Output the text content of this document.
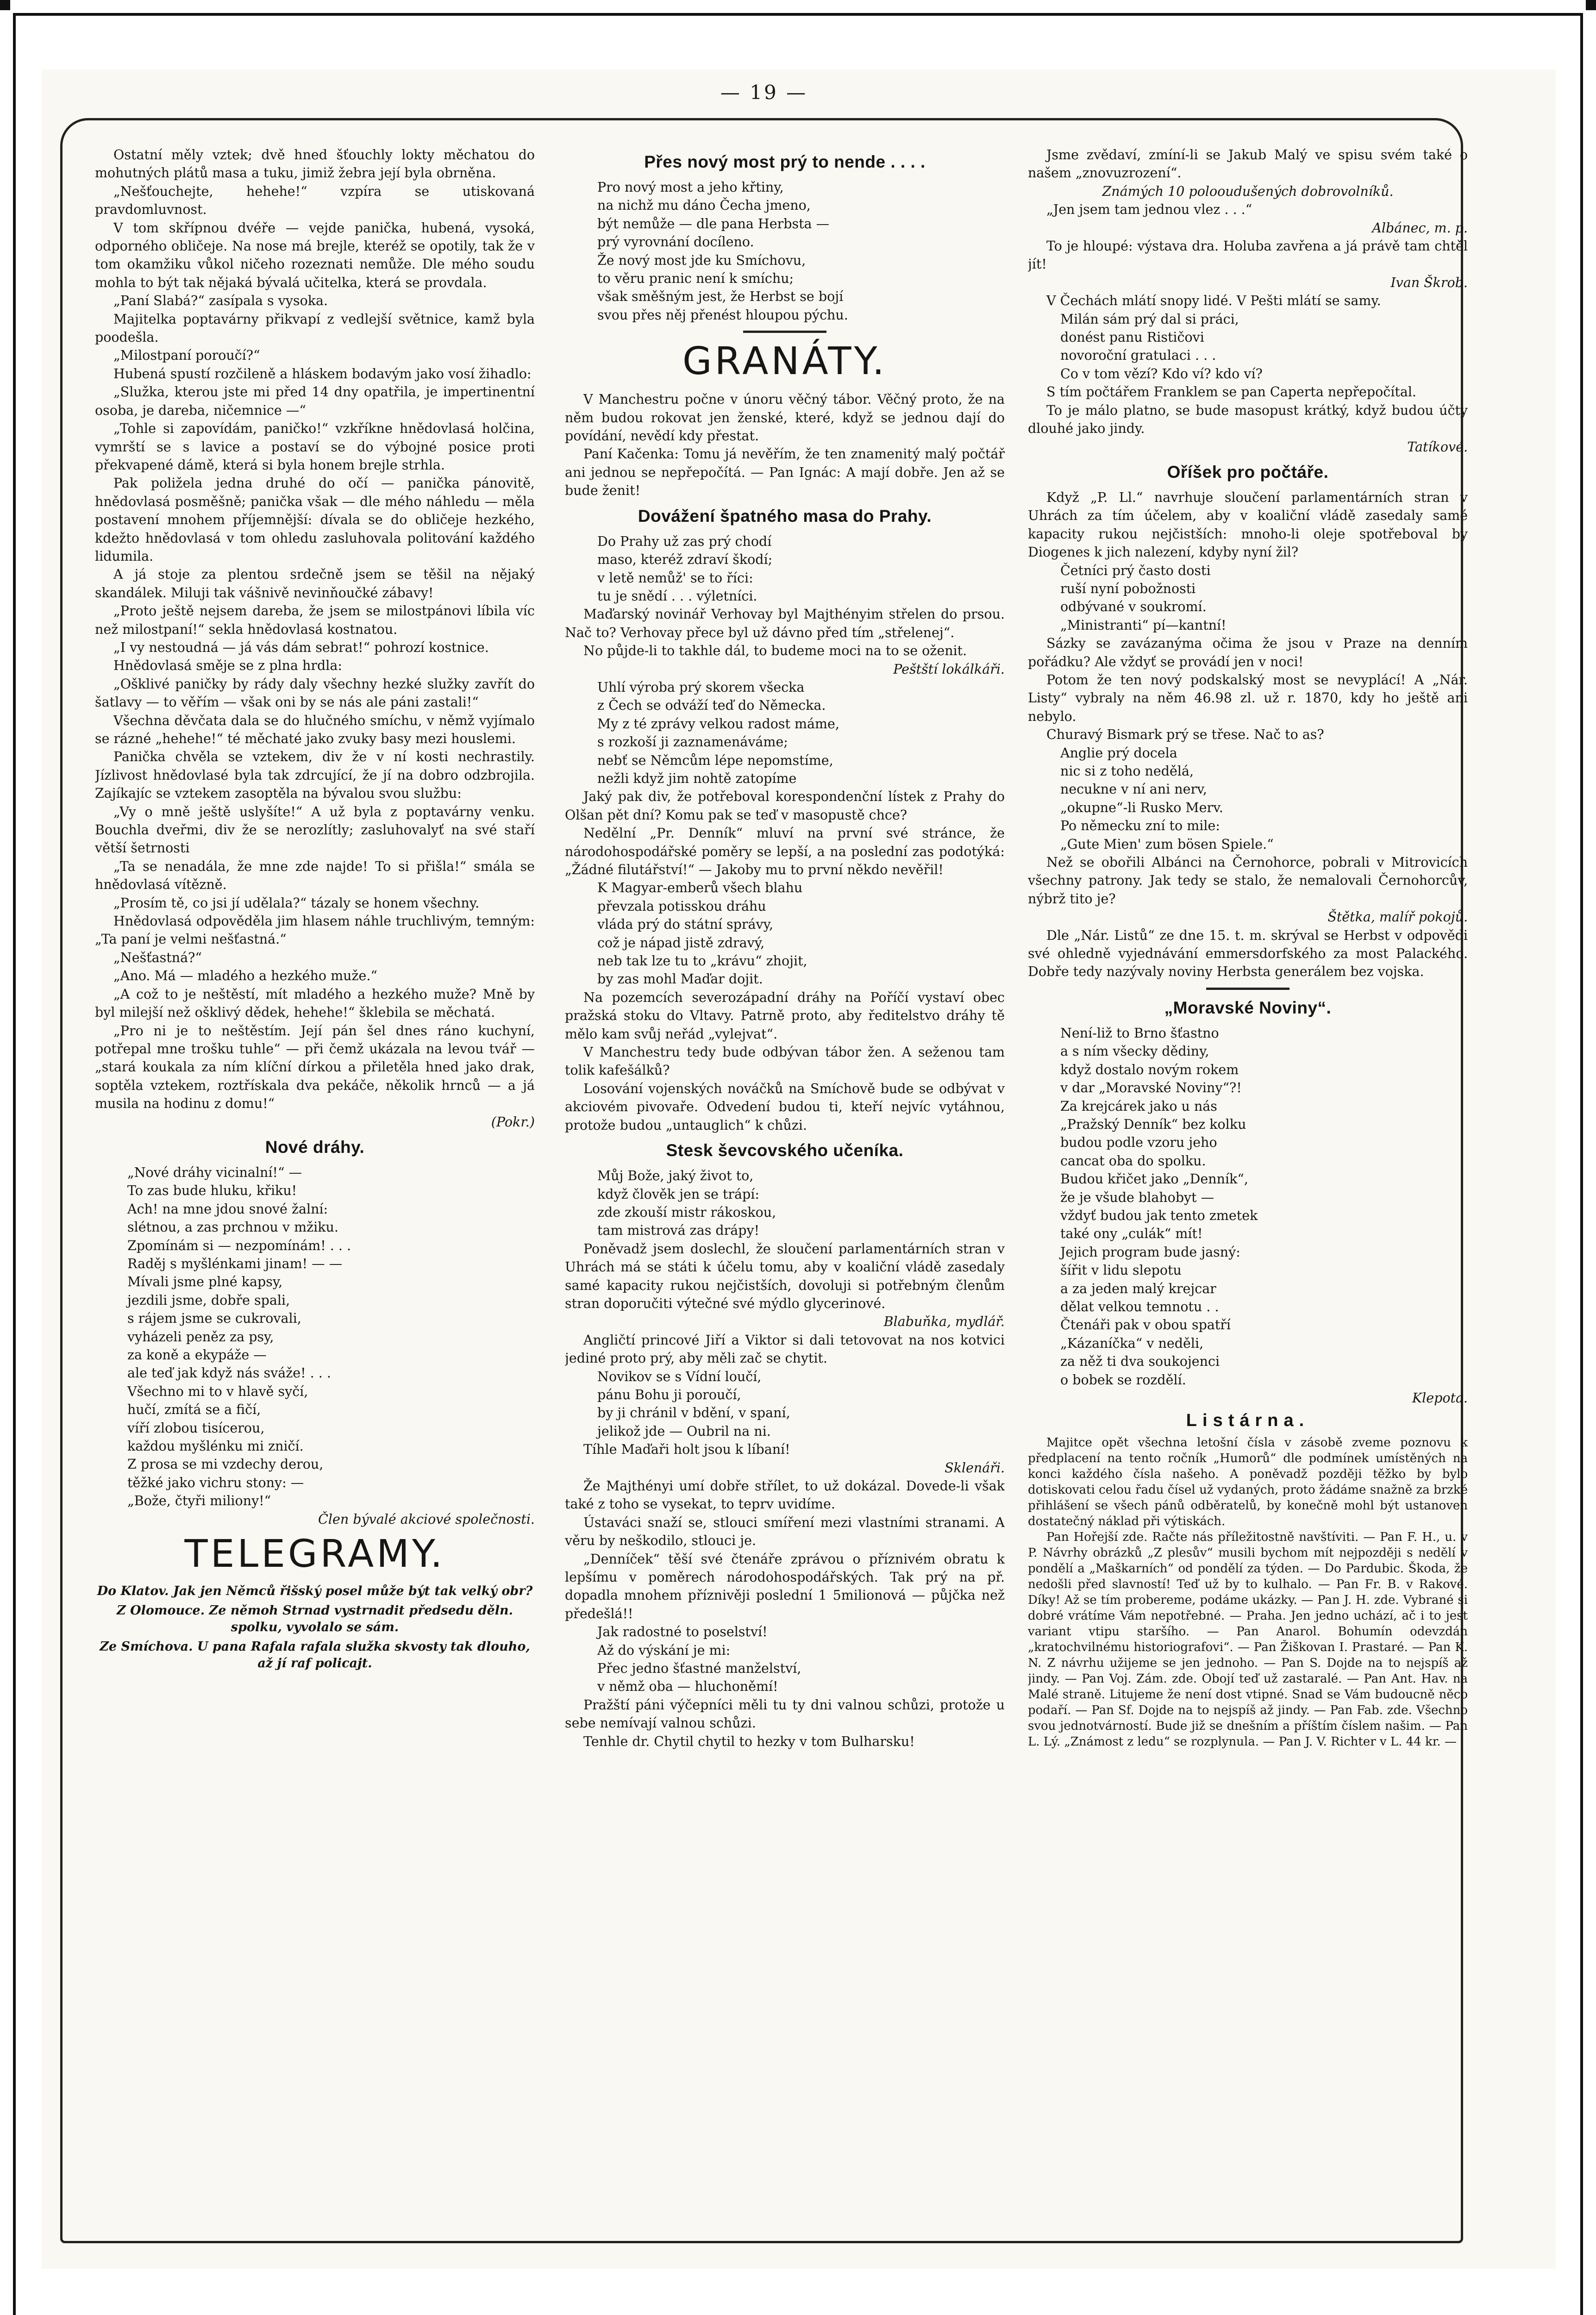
— 19 —

Ostatní měly vztek; dvě hned šťouchly lokty měchatou do mohutných plátů masa a tuku, jimiž žebra její byla obrněna.

„Nešťouchejte, hehehe!“ vzpíra se utiskovaná pravdomluvnost.

V tom skřípnou dvéře — vejde panička, hubená, vysoká, odporného obličeje. Na nose má brejle, kteréž se opotily, tak že v tom okamžiku vůkol ničeho rozeznati nemůže. Dle mého soudu mohla to být tak nějaká bývalá učitelka, která se provdala.

„Paní Slabá?“ zasípala s vysoka.

Majitelka poptavárny přikvapí z vedlejší světnice, kamž byla poodešla.

„Milostpaní poroučí?“

Hubená spustí rozčileně a hláskem bodavým jako vosí žihadlo:

„Služka, kterou jste mi před 14 dny opatřila, je impertinentní osoba, je dareba, ničemnice —“

„Tohle si zapovídám, paničko!“ vzkříkne hnědovlasá holčina, vymrští se s lavice a postaví se do výbojné posice proti překvapené dámě, která si byla honem brejle strhla.

Pak poližela jedna druhé do očí — panička pánovitě, hnědovlasá posměšně; panička však — dle mého náhledu — měla postavení mnohem příjemnější: dívala se do obličeje hezkého, kdežto hnědovlasá v tom ohledu zasluhovala politování každého lidumila.

A já stoje za plentou srdečně jsem se těšil na nějaký skandálek. Miluji tak vášnivě nevinňoučké zábavy!

„Proto ještě nejsem dareba, že jsem se milostpánovi líbila víc než milostpaní!“ sekla hnědovlasá kostnatou.

„I vy nestoudná — já vás dám sebrat!“ pohrozí kostnice.

Hnědovlasá směje se z plna hrdla:

„Ošklivé paničky by rády daly všechny hezké služky zavřít do šatlavy — to věřím — však oni by se nás ale páni zastali!“

Všechna děvčata dala se do hlučného smíchu, v němž vyjímalo se rázné „hehehe!“ té měchaté jako zvuky basy mezi houslemi.

Panička chvěla se vztekem, div že v ní kosti nechrastily. Jízlivost hnědovlasé byla tak zdrcující, že jí na dobro odzbrojila. Zajíkajíc se vztekem zasoptěla na bývalou svou službu:

„Vy o mně ještě uslyšíte!“ A už byla z poptavárny venku. Bouchla dveřmi, div že se nerozlítly; zasluhovalyť na své staří větší šetrnosti

„Ta se nenadála, že mne zde najde! To si přišla!“ smála se hnědovlasá vítězně.

„Prosím tě, co jsi jí udělala?“ tázaly se honem všechny.

Hnědovlasá odpověděla jim hlasem náhle truchlivým, temným: „Ta paní je velmi nešťastná.“

„Nešťastná?“

„Ano. Má — mladého a hezkého muže.“

„A což to je neštěstí, mít mladého a hezkého muže? Mně by byl milejší než ošklivý dědek, hehehe!“ šklebila se měchatá.

„Pro ni je to neštěstím. Její pán šel dnes ráno kuchyní, potřepal mne trošku tuhle“ — při čemž ukázala na levou tvář — „stará koukala za ním klíční dírkou a přiletěla hned jako drak, soptěla vztekem, roztřískala dva pekáče, několik hrnců — a já musila na hodinu z domu!“

(Pokr.)

Nové dráhy.

„Nové dráhy vicinalní!“ —

To zas bude hluku, křiku!

Ach! na mne jdou snové žalní:

slétnou, a zas prchnou v mžiku.

Zpomínám si — nezpomínám! . . .

Raděj s myšlénkami jinam! — —

Mívali jsme plné kapsy,

jezdili jsme, dobře spali,

s rájem jsme se cukrovali,

vyházeli peněz za psy,

za koně a ekypáže —

ale teď jak když nás sváže! . . .

Všechno mi to v hlavě syčí,

hučí, zmítá se a fičí,

víří zlobou tisícerou,

každou myšlénku mi zničí.

Z prosa se mi vzdechy derou,

těžké jako vichru stony: —

„Bože, čtyři miliony!“

Člen bývalé akciové společnosti.

TELEGRAMY.
Do Klatov. Jak jen Němců řišský posel může být tak velký obr?
Z Olomouce. Ze němoh Strnad vystrnadit předsedu děln. spolku, vyvolalo se sám.
Ze Smíchova. U pana Rafala rafala služka skvosty tak dlouho, až jí raf policajt.
Přes nový most prý to nende . . . .

Pro nový most a jeho křtiny,

na nichž mu dáno Čecha jmeno,

být nemůže — dle pana Herbsta —

prý vyrovnání docíleno.

Že nový most jde ku Smíchovu,

to věru pranic není k smíchu;

však směšným jest, že Herbst se bojí

svou přes něj přenést hloupou pýchu.

GRANÁTY.

V Manchestru počne v únoru věčný tábor. Věčný proto, že na něm budou rokovat jen ženské, které, když se jednou dají do povídání, nevědí kdy přestat.

Paní Kačenka: Tomu já nevěřím, že ten znamenitý malý počtář ani jednou se nepřepočítá. — Pan Ignác: A mají dobře. Jen až se bude ženit!

Dovážení špatného masa do Prahy.

Do Prahy už zas prý chodí

maso, kteréž zdraví škodí;

v letě nemůž' se to říci:

tu je snědí . . . výletníci.

Maďarský novinář Verhovay byl Majthényim střelen do prsou. Nač to? Verhovay přece byl už dávno před tím „střelenej“.

No půjde-li to takhle dál, to budeme moci na to se oženit.

Peštští lokálkáři.

Uhlí výroba prý skorem všecka

z Čech se odváží teď do Německa.

My z té zprávy velkou radost máme,

s rozkoší ji zaznamenáváme;

nebť se Němcům lépe nepomstíme,

nežli když jim nohtě zatopíme

Jaký pak div, že potřeboval korespondenční lístek z Prahy do Olšan pět dní? Komu pak se teď v masopustě chce?

Nedělní „Pr. Denník“ mluví na první své stránce, že národohospodářské poměry se lepší, a na poslední zas podotýká: „Žádné filutářství!“ — Jakoby mu to první někdo nevěřil!

K Magyar-emberů všech blahu

převzala potisskou dráhu

vláda prý do státní správy,

což je nápad jistě zdravý,

neb tak lze tu to „krávu“ zhojit,

by zas mohl Maďar dojit.

Na pozemcích severozápadní dráhy na Poříčí vystaví obec pražská stoku do Vltavy. Patrně proto, aby ředitelstvo dráhy tě mělo kam svůj neřád „vylejvat“.

V Manchestru tedy bude odbývan tábor žen. A seženou tam tolik kafešálků?

Losování vojenských nováčků na Smíchově bude se odbývat v akciovém pivovaře. Odvedení budou ti, kteří nejvíc vytáhnou, protože budou „untauglich“ k chůzi.

Stesk ševcovského učeníka.

Můj Bože, jaký život to,

když člověk jen se trápí:

zde zkouší mistr rákoskou,

tam mistrová zas drápy!

Poněvadž jsem doslechl, že sloučení parlamentárních stran v Uhrách má se státi k účelu tomu, aby v koaliční vládě zasedaly samé kapacity rukou nejčistších, dovoluji si potřebným členům stran doporučiti výtečné své mýdlo glycerinové.

Blabuňka, mydlář.

Angličtí princové Jiří a Viktor si dali tetovovat na nos kotvici jediné proto prý, aby měli zač se chytit.

Novikov se s Vídní loučí,

pánu Bohu ji poroučí,

by ji chránil v bdění, v spaní,

jelikož jde — Oubril na ni.

Tíhle Maďaři holt jsou k líbaní!

Sklenáři.

Že Majthényi umí dobře střílet, to už dokázal. Dovede-li však také z toho se vysekat, to teprv uvidíme.

Ústaváci snaží se, stlouci smíření mezi vlastními stranami. A věru by neškodilo, stlouci je.

„Denníček“ těší své čtenáře zprávou o příznivém obratu k lepšímu v poměrech národohospodářských. Tak prý na př. dopadla mnohem příznivěji poslední 1 5milionová — půjčka než předešlá!!

Jak radostné to poselství!

Až do výskání je mi:

Přec jedno šťastné manželství,

v němž oba — hluchoněmí!

Pražští páni výčepníci měli tu ty dni valnou schůzi, protože u sebe nemívají valnou schůzi.

Tenhle dr. Chytil chytil to hezky v tom Bulharsku!

Jsme zvědaví, zmíní-li se Jakub Malý ve spisu svém také o našem „znovuzrození“.

Známých 10 polooudušených dobrovolníků.

„Jen jsem tam jednou vlez . . .“

Albánec, m. p.

To je hloupé: výstava dra. Holuba zavřena a já právě tam chtěl jít!

Ivan Škrob.

V Čechách mlátí snopy lidé. V Pešti mlátí se samy.

Milán sám prý dal si práci,

donést panu Rističovi

novoroční gratulaci . . .

Co v tom vězí? Kdo ví? kdo ví?

S tím počtářem Franklem se pan Caperta nepřepočítal.

To je málo platno, se bude masopust krátký, když budou účty dlouhé jako jindy.

Tatíkové.

Oříšek pro počtáře.

Když „P. Ll.“ navrhuje sloučení parlamentárních stran v Uhrách za tím účelem, aby v koaliční vládě zasedaly samé kapacity rukou nejčistších: mnoho-li oleje spotřeboval by Diogenes k jich nalezení, kdyby nyní žil?

Četníci prý často dosti

ruší nyní pobožnosti

odbývané v soukromí.

„Ministranti“ pí—kantní!

Sázky se zavázanýma očima že jsou v Praze na denním pořádku? Ale vždyť se provádí jen v noci!

Potom že ten nový podskalský most se nevyplácí! A „Nár. Listy“ vybraly na něm 46.98 zl. už r. 1870, kdy ho ještě ani nebylo.

Churavý Bismark prý se třese. Nač to as?

Anglie prý docela

nic si z toho nedělá,

necukne v ní ani nerv,

„okupne“-li Rusko Merv.

Po německu zní to mile:

„Gute Mien' zum bösen Spiele.“

Než se obořili Albánci na Černohorce, pobrali v Mitrovicích všechny patrony. Jak tedy se stalo, že nemalovali Černohorcův, nýbrž tito je?

Štětka, malíř pokojů.

Dle „Nár. Listů“ ze dne 15. t. m. skrýval se Herbst v odpovědi své ohledně vyjednávání emmersdorfského za most Palackého. Dobře tedy nazývaly noviny Herbsta generálem bez vojska.

„Moravské Noviny“.

Není-liž to Brno šťastno

a s ním všecky dědiny,

když dostalo novým rokem

v dar „Moravské Noviny“?!

Za krejcárek jako u nás

„Pražský Denník“ bez kolku

budou podle vzoru jeho

cancat oba do spolku.

Budou křičet jako „Denník“,

že je všude blahobyt —

vždyť budou jak tento zmetek

také ony „culák“ mít!

Jejich program bude jasný:

šířit v lidu slepotu

a za jeden malý krejcar

dělat velkou temnotu . .

Čtenáři pak v obou spatří

„Kázaníčka“ v neděli,

za něž ti dva soukojenci

o bobek se rozdělí.

Klepota.

Listárna.

Majitce opět všechna letošní čísla v zásobě zveme poznovu k předplacení na tento ročník „Humorů“ dle podmínek umístěných na konci každého čísla našeho. A poněvadž později těžko by bylo dotiskovati celou řadu čísel už vydaných, proto žádáme snažně za brzké přihlášení se všech pánů odběratelů, by konečně mohl být ustanoven dostatečný náklad při výtiskách.

Pan Hořejší zde. Račte nás příležitostně navštíviti. — Pan F. H., u. v P. Návrhy obrázků „Z plesův“ musili bychom mít nejpozději s nedělí v pondělí a „Maškarních“ od pondělí za týden. — Do Pardubic. Škoda, že nedošli před slavností! Teď už by to kulhalo. — Pan Fr. B. v Rakové. Díky! Až se tím probereme, podáme ukázky. — Pan J. H. zde. Vybrané si dobré vrátíme Vám nepotřebné. — Praha. Jen jedno uchází, ač i to jest variant vtipu staršího. — Pan Anarol. Bohumín odevzdán „kratochvilnému historiografovi“. — Pan Žiškovan I. Prastaré. — Pan K. N. Z návrhu užijeme se jen jednoho. — Pan S. Dojde na to nejspíš až jindy. — Pan Voj. Zám. zde. Obojí teď už zastaralé. — Pan Ant. Hav. na Malé straně. Litujeme že není dost vtipné. Snad se Vám budoucně něco podaří. — Pan Sf. Dojde na to nejspíš až jindy. — Pan Fab. zde. Všechno svou jednotvárností. Bude již se dnešním a příštím číslem našim. — Pan L. Lý. „Známost z ledu“ se rozplynula. — Pan J. V. Richter v L. 44 kr. —
